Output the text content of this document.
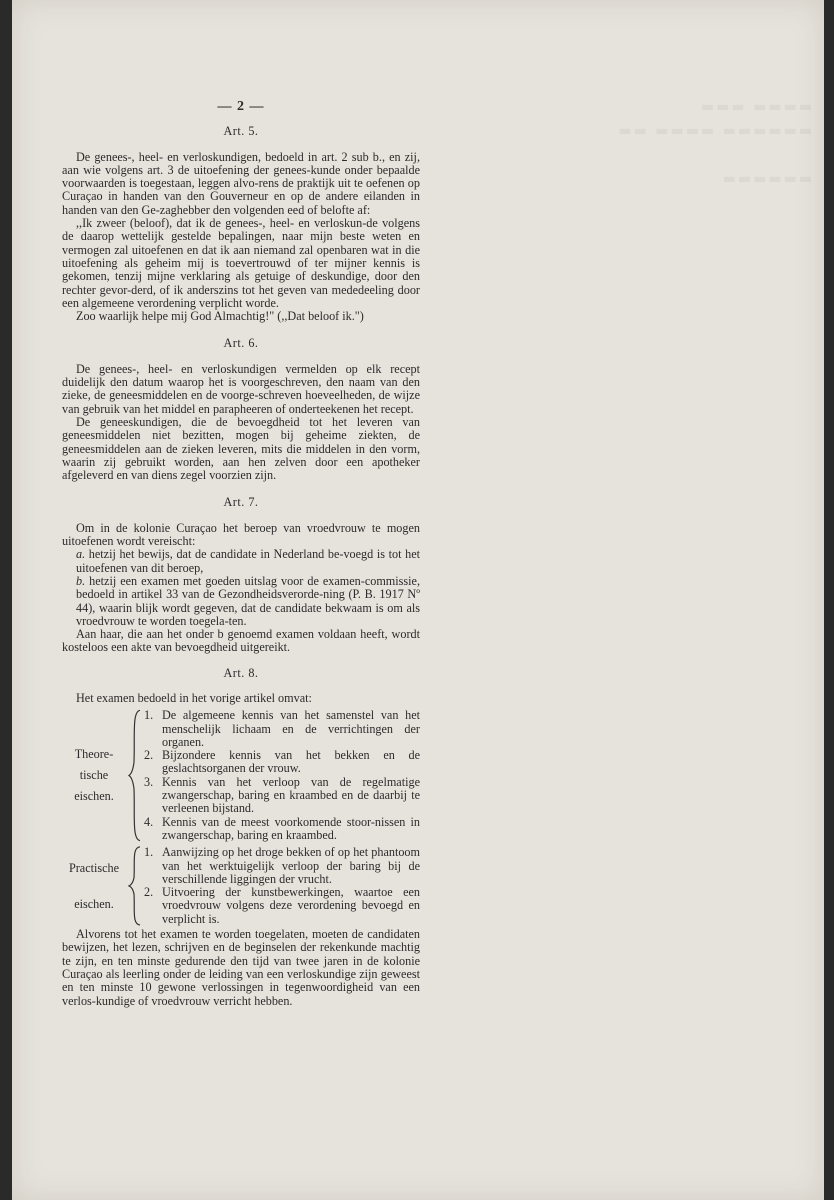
▬▬▬▬ ▬▬▬
▬▬▬▬▬▬ ▬▬▬▬ ▬▬

▬▬▬▬▬▬
— 2 —
Art. 5.

De genees-, heel- en verloskundigen, bedoeld in art. 2 sub b., en zij, aan wie volgens art. 3 de uitoefening der genees-kunde onder bepaalde voorwaarden is toegestaan, leggen alvo-rens de praktijk uit te oefenen op Curaçao in handen van den Gouverneur en op de andere eilanden in handen van den Ge-zaghebber den volgenden eed of belofte af:

,,Ik zweer (beloof), dat ik de genees-, heel- en verloskun-de volgens de daarop wettelijk gestelde bepalingen, naar mijn beste weten en vermogen zal uitoefenen en dat ik aan niemand zal openbaren wat in die uitoefening als geheim mij is toevertrouwd of ter mijner kennis is gekomen, tenzij mijne verklaring als getuige of deskundige, door den rechter gevor-derd, of ik anderszins tot het geven van mededeeling door een algemeene verordening verplicht worde.

Zoo waarlijk helpe mij God Almachtig!" (,,Dat beloof ik.")

Art. 6.

De genees-, heel- en verloskundigen vermelden op elk recept duidelijk den datum waarop het is voorgeschreven, den naam van den zieke, de geneesmiddelen en de voorge-schreven hoeveelheden, de wijze van gebruik van het middel en parapheeren of onderteekenen het recept.

De geneeskundigen, die de bevoegdheid tot het leveren van geneesmiddelen niet bezitten, mogen bij geheime ziekten, de geneesmiddelen aan de zieken leveren, mits die middelen in den vorm, waarin zij gebruikt worden, aan hen zelven door een apotheker afgeleverd en van diens zegel voorzien zijn.

Art. 7.

Om in de kolonie Curaçao het beroep van vroedvrouw te mogen uitoefenen wordt vereischt:

a. hetzij het bewijs, dat de candidate in Nederland be-voegd is tot het uitoefenen van dit beroep,
b. hetzij een examen met goeden uitslag voor de examen-commissie, bedoeld in artikel 33 van de Gezondheidsverorde-ning (P. B. 1917 Nº 44), waarin blijk wordt gegeven, dat de candidate bekwaam is om als vroedvrouw te worden toegela-ten.

Aan haar, die aan het onder b genoemd examen voldaan heeft, wordt kosteloos een akte van bevoegdheid uitgereikt.

Art. 8.

Het examen bedoeld in het vorige artikel omvat:

Theore-tische eischen.
1. De algemeene kennis van het samenstel van het menschelijk lichaam en de verrichtingen der organen.
2. Bijzondere kennis van het bekken en de geslachtsorganen der vrouw.
3. Kennis van het verloop van de regelmatige zwangerschap, baring en kraambed en de daarbij te verleenen bijstand.
4. Kennis van de meest voorkomende stoor-nissen in zwangerschap, baring en kraambed.
Practische eischen.
1. Aanwijzing op het droge bekken of op het phantoom van het werktuigelijk verloop der baring bij de verschillende liggingen der vrucht.
2. Uitvoering der kunstbewerkingen, waartoe een vroedvrouw volgens deze verordening bevoegd en verplicht is.

Alvorens tot het examen te worden toegelaten, moeten de candidaten bewijzen, het lezen, schrijven en de beginselen der rekenkunde machtig te zijn, en ten minste gedurende den tijd van twee jaren in de kolonie Curaçao als leerling onder de leiding van een verloskundige zijn geweest en ten minste 10 gewone verlossingen in tegenwoordigheid van een verlos-kundige of vroedvrouw verricht hebben.
